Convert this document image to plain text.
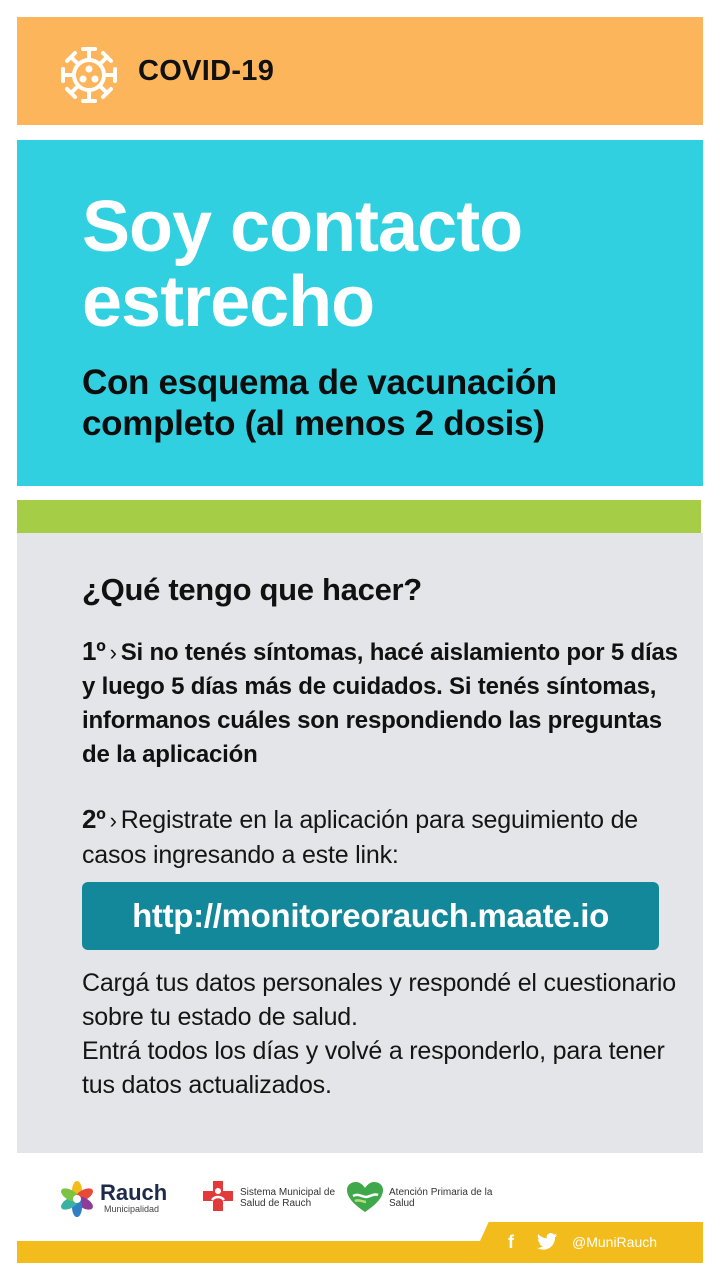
COVID-19
Soy contacto estrecho
Con esquema de vacunación completo (al menos 2 dosis)
¿Qué tengo que hacer?
1º › Si no tenés síntomas, hacé aislamiento por 5 días y luego 5 días más de cuidados. Si tenés síntomas, informanos cuáles son respondiendo las preguntas de la aplicación
2º › Registrate en la aplicación para seguimiento de casos ingresando a este link:
http://monitoreorauch.maate.io

Cargá tus datos personales y respondé el cuestionario sobre tu estado de salud.

Entrá todos los días y volvé a responderlo, para tener tus datos actualizados.

Rauch
Municipalidad
Sistema Municipal de Salud de Rauch
Atención Primaria de la Salud
f	@MuniRauch
